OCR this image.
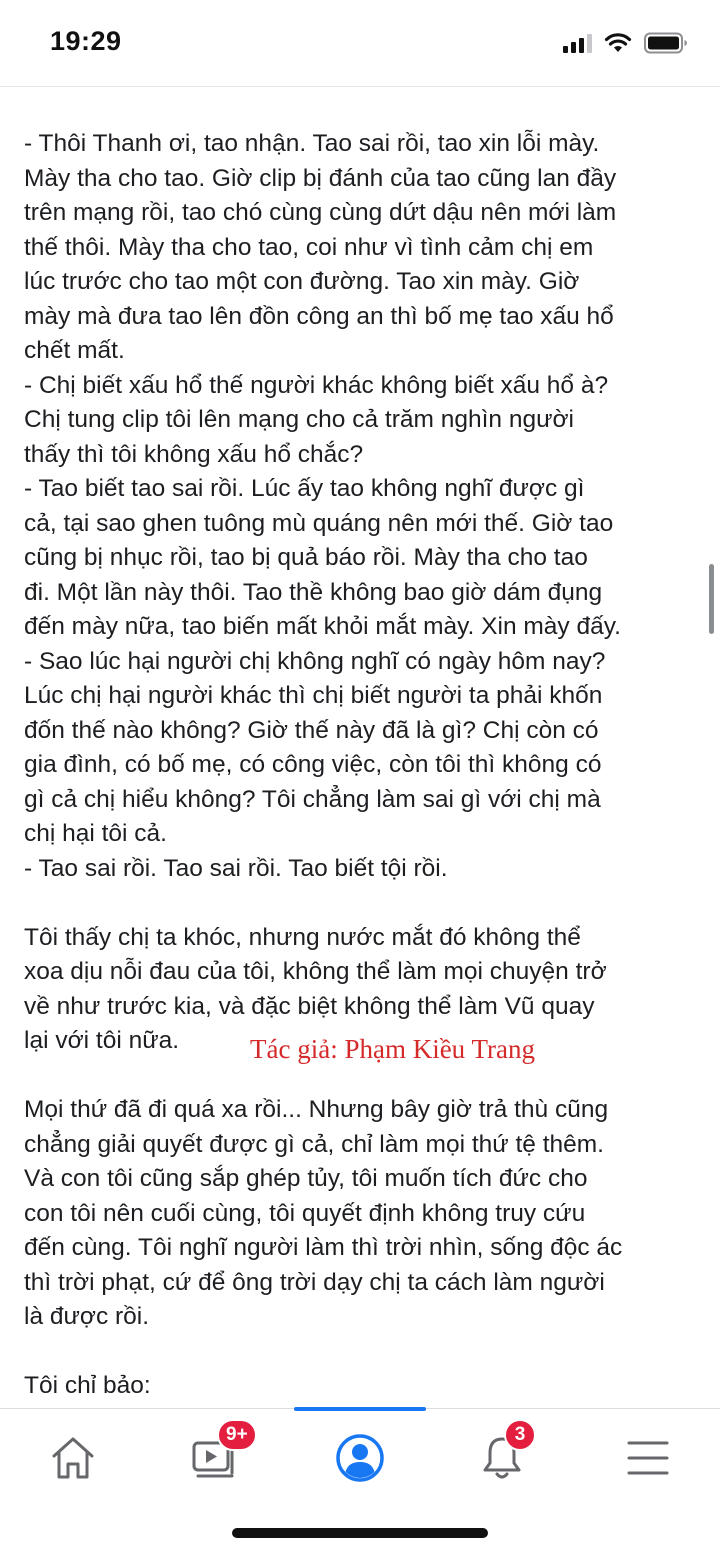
19:29
- Thôi Thanh ơi, tao nhận. Tao sai rồi, tao xin lỗi mày.
Mày tha cho tao. Giờ clip bị đánh của tao cũng lan đầy
trên mạng rồi, tao chó cùng cùng dứt dậu nên mới làm
thế thôi. Mày tha cho tao, coi như vì tình cảm chị em
lúc trước cho tao một con đường. Tao xin mày. Giờ
mày mà đưa tao lên đồn công an thì bố mẹ tao xấu hổ
chết mất.
- Chị biết xấu hổ thế người khác không biết xấu hổ à?
Chị tung clip tôi lên mạng cho cả trăm nghìn người
thấy thì tôi không xấu hổ chắc?
- Tao biết tao sai rồi. Lúc ấy tao không nghĩ được gì
cả, tại sao ghen tuông mù quáng nên mới thế. Giờ tao
cũng bị nhục rồi, tao bị quả báo rồi. Mày tha cho tao
đi. Một lần này thôi. Tao thề không bao giờ dám đụng
đến mày nữa, tao biến mất khỏi mắt mày. Xin mày đấy.
- Sao lúc hại người chị không nghĩ có ngày hôm nay?
Lúc chị hại người khác thì chị biết người ta phải khốn
đốn thế nào không? Giờ thế này đã là gì? Chị còn có
gia đình, có bố mẹ, có công việc, còn tôi thì không có
gì cả chị hiểu không? Tôi chẳng làm sai gì với chị mà
chị hại tôi cả.
- Tao sai rồi. Tao sai rồi. Tao biết tội rồi.
Tôi thấy chị ta khóc, nhưng nước mắt đó không thể
xoa dịu nỗi đau của tôi, không thể làm mọi chuyện trở
về như trước kia, và đặc biệt không thể làm Vũ quay
lại với tôi nữa.
Mọi thứ đã đi quá xa rồi... Nhưng bây giờ trả thù cũng
chẳng giải quyết được gì cả, chỉ làm mọi thứ tệ thêm.
Và con tôi cũng sắp ghép tủy, tôi muốn tích đức cho
con tôi nên cuối cùng, tôi quyết định không truy cứu
đến cùng. Tôi nghĩ người làm thì trời nhìn, sống độc ác
thì trời phạt, cứ để ông trời dạy chị ta cách làm người
là được rồi.
Tôi chỉ bảo:
Tác giả: Phạm Kiều Trang
9+	3
